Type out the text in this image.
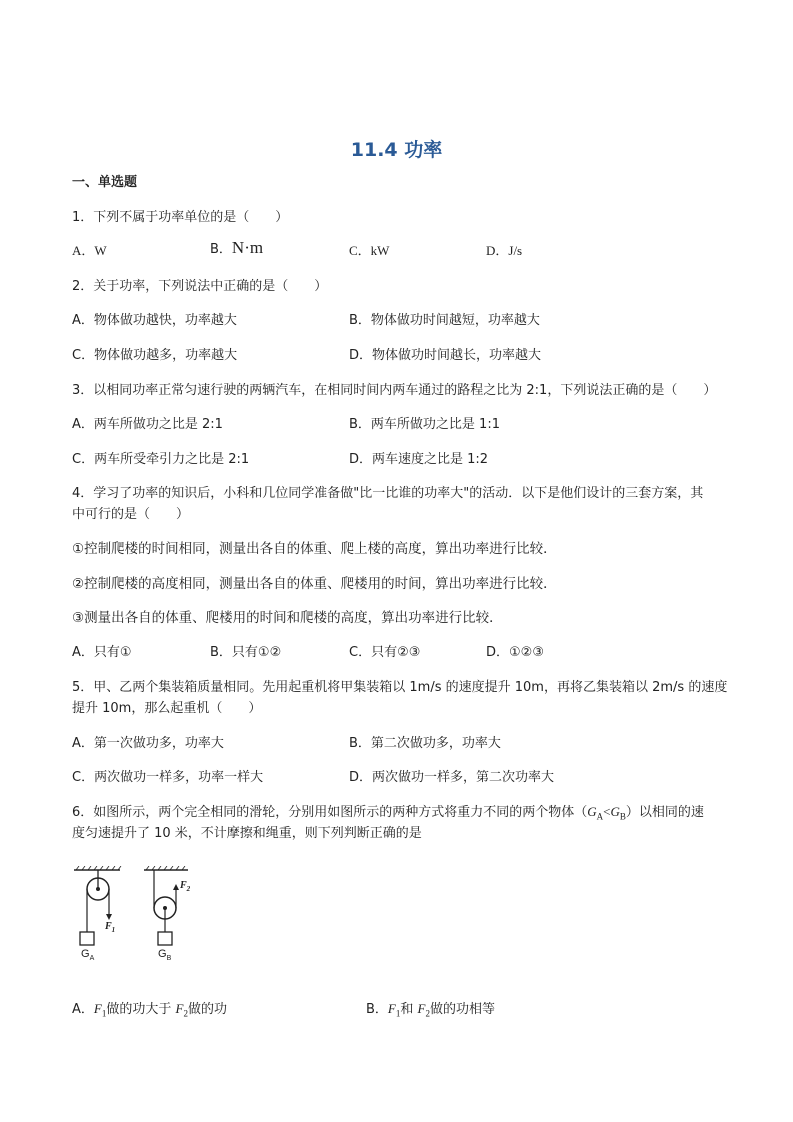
11.4 功率
一、单选题
1．下列不属于功率单位的是（　　）
A．W	B．N·m	C．kW	D．J/s
2．关于功率，下列说法中正确的是（　　）
A．物体做功越快，功率越大	B．物体做功时间越短，功率越大
C．物体做功越多，功率越大	D．物体做功时间越长，功率越大
3．以相同功率正常匀速行驶的两辆汽车，在相同时间内两车通过的路程之比为 2:1，下列说法正确的是（　　）
A．两车所做功之比是 2:1	B．两车所做功之比是 1:1
C．两车所受牵引力之比是 2:1	D．两车速度之比是 1:2
4．学习了功率的知识后，小科和几位同学准备做"比一比谁的功率大"的活动．以下是他们设计的三套方案，其
中可行的是（　　）
①控制爬楼的时间相同，测量出各自的体重、爬上楼的高度，算出功率进行比较．
②控制爬楼的高度相同，测量出各自的体重、爬楼用的时间，算出功率进行比较．
③测量出各自的体重、爬楼用的时间和爬楼的高度，算出功率进行比较．
A．只有①	B．只有①②	C．只有②③	D．①②③
5．甲、乙两个集装箱质量相同。先用起重机将甲集装箱以 1m/s 的速度提升 10m，再将乙集装箱以 2m/s 的速度
提升 10m，那么起重机（　　）
A．第一次做功多，功率大	B．第二次做功多，功率大
C．两次做功一样多，功率一样大	D．两次做功一样多，第二次功率大
6．如图所示，两个完全相同的滑轮，分别用如图所示的两种方式将重力不同的两个物体$(G_A<G_B)$以相同的速
度匀速提升了 10 米，不计摩擦和绳重，则下列判断正确的是
$F_1$
$F_2$
$G_A$	$G_B$
A．$F_1$做的功大于 $F_2$做的功	B．$F_1$和 $F_2$做的功相等
